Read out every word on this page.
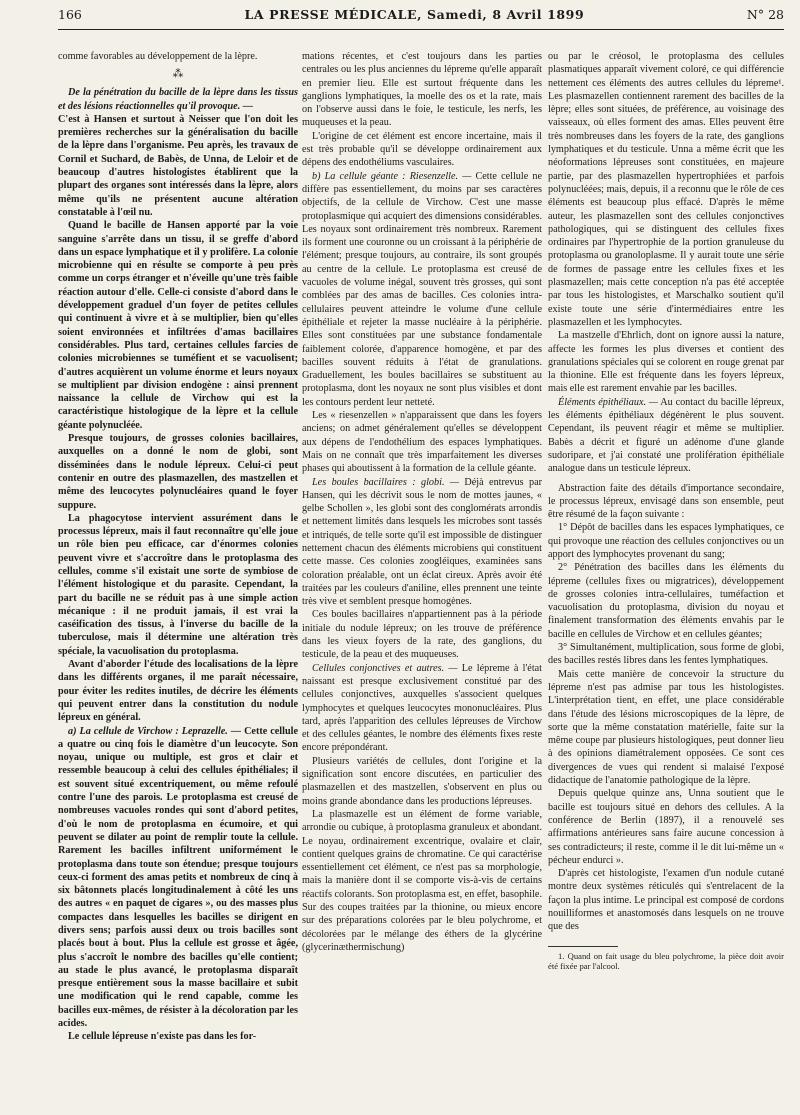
166	LA PRESSE MÉDICALE, Samedi, 8 Avril 1899	N° 28

comme favorables au développement de la lèpre.

⁂

De la pénétration du bacille de la lèpre dans les tissus et des lésions réactionnelles qu'il provoque. —

C'est à Hansen et surtout à Neisser que l'on doit les premières recherches sur la généralisation du bacille de la lèpre dans l'organisme. Peu après, les travaux de Cornil et Suchard, de Babès, de Unna, de Leloir et de beaucoup d'autres histologistes établirent que la plupart des organes sont intéressés dans la lèpre, alors même qu'ils ne présentent aucune altération constatable à l'œil nu.

Quand le bacille de Hansen apporté par la voie sanguine s'arrête dans un tissu, il se greffe d'abord dans un espace lymphatique et il y prolifère. La colonie microbienne qui en résulte se comporte à peu près comme un corps étranger et n'éveille qu'une très faible réaction autour d'elle. Celle-ci consiste d'abord dans le développement graduel d'un foyer de petites cellules qui continuent à vivre et à se multiplier, bien qu'elles soient environnées et infiltrées d'amas bacillaires considérables. Plus tard, certaines cellules farcies de colonies microbiennes se tuméfient et se vacuolisent; d'autres acquièrent un volume énorme et leurs noyaux se multiplient par division endogène : ainsi prennent naissance la cellule de Virchow qui est la caractéristique histologique de la lèpre et la cellule géante polynucléée.

Presque toujours, de grosses colonies bacillaires, auxquelles on a donné le nom de globi, sont disséminées dans le nodule lépreux. Celui-ci peut contenir en outre des plasmazellen, des mastzellen et même des leucocytes polynucléaires quand le foyer suppure.

La phagocytose intervient assurément dans le processus lépreux, mais il faut reconnaître qu'elle joue un rôle bien peu efficace, car d'énormes colonies peuvent vivre et s'accroître dans le protoplasma des cellules, comme s'il existait une sorte de symbiose de l'élément histologique et du parasite. Cependant, la part du bacille ne se réduit pas à une simple action mécanique : il ne produit jamais, il est vrai la caséification des tissus, à l'inverse du bacille de la tuberculose, mais il détermine une altération très spéciale, la vacuolisation du protoplasma.

Avant d'aborder l'étude des localisations de la lèpre dans les différents organes, il me paraît nécessaire, pour éviter les redites inutiles, de décrire les éléments qui peuvent entrer dans la constitution du nodule lépreux en général.

a) La cellule de Virchow : Leprazelle. — Cette cellule a quatre ou cinq fois le diamètre d'un leucocyte. Son noyau, unique ou multiple, est gros et clair et ressemble beaucoup à celui des cellules épithéliales; il est souvent situé excentriquement, ou même refoulé contre l'une des parois. Le protoplasma est creusé de nombreuses vacuoles rondes qui sont d'abord petites, d'où le nom de protoplasma en écumoire, et qui peuvent se dilater au point de remplir toute la cellule. Rarement les bacilles infiltrent uniformément le protoplasma dans toute son étendue; presque toujours ceux-ci forment des amas petits et nombreux de cinq à six bâtonnets placés longitudinalement à côté les uns des autres « en paquet de cigares », ou des masses plus compactes dans lesquelles les bacilles se dirigent en divers sens; parfois aussi deux ou trois bacilles sont placés bout à bout. Plus la cellule est grosse et âgée, plus s'accroît le nombre des bacilles qu'elle contient; au stade le plus avancé, le protoplasma disparaît presque entièrement sous la masse bacillaire et subit une modification qui le rend capable, comme les bacilles eux-mêmes, de résister à la décoloration par les acides.

Le cellule lépreuse n'existe pas dans les for-

mations récentes, et c'est toujours dans les parties centrales ou les plus anciennes du lépreme qu'elle apparaît en premier lieu. Elle est surtout fréquente dans les ganglions lymphatiques, la moelle des os et la rate, mais on l'observe aussi dans le foie, le testicule, les nerfs, les muqueuses et la peau.

L'origine de cet élément est encore incertaine, mais il est très probable qu'il se développe ordinairement aux dépens des endothéliums vasculaires.

b) La cellule géante : Riesenzelle. — Cette cellule ne diffère pas essentiellement, du moins par ses caractères objectifs, de la cellule de Virchow. C'est une masse protoplasmique qui acquiert des dimensions considérables. Les noyaux sont ordinairement très nombreux. Rarement ils forment une couronne ou un croissant à la périphérie de l'élément; presque toujours, au contraire, ils sont groupés au centre de la cellule. Le protoplasma est creusé de vacuoles de volume inégal, souvent très grosses, qui sont comblées par des amas de bacilles. Ces colonies intra-cellulaires peuvent atteindre le volume d'une cellule épithéliale et rejeter la masse nucléaire à la périphérie. Elles sont constituées par une substance fondamentale faiblement colorée, d'apparence homogène, et par des bacilles souvent réduits à l'état de granulations. Graduellement, les boules bacillaires se substituent au protoplasma, dont les noyaux ne sont plus visibles et dont les contours perdent leur netteté.

Les « riesenzellen » n'apparaissent que dans les foyers anciens; on admet généralement qu'elles se développent aux dépens de l'endothélium des espaces lymphatiques. Mais on ne connaît que très imparfaitement les diverses phases qui aboutissent à la formation de la cellule géante.

Les boules bacillaires : globi. — Déjà entrevus par Hansen, qui les décrivit sous le nom de mottes jaunes, « gelbe Schollen », les globi sont des conglomérats arrondis et nettement limités dans lesquels les microbes sont tassés et intriqués, de telle sorte qu'il est impossible de distinguer nettement chacun des éléments microbiens qui constituent cette masse. Ces colonies zoogléiques, examinées sans coloration préalable, ont un éclat cireux. Après avoir été traitées par les couleurs d'aniline, elles prennent une teinte très vive et semblent presque homogènes.

Ces boules bacillaires n'appartiennent pas à la période initiale du nodule lépreux; on les trouve de préférence dans les vieux foyers de la rate, des ganglions, du testicule, de la peau et des muqueuses.

Cellules conjonctives et autres. — Le lépreme à l'état naissant est presque exclusivement constitué par des cellules conjonctives, auxquelles s'associent quelques lymphocytes et quelques leucocytes mononucléaires. Plus tard, après l'apparition des cellules lépreuses de Virchow et des cellules géantes, le nombre des éléments fixes reste encore prépondérant.

Plusieurs variétés de cellules, dont l'origine et la signification sont encore discutées, en particulier des plasmazellen et des mastzellen, s'observent en plus ou moins grande abondance dans les productions lépreuses.

La plasmazelle est un élément de forme variable, arrondie ou cubique, à protoplasma granuleux et abondant. Le noyau, ordinairement excentrique, ovalaire et clair, contient quelques grains de chromatine. Ce qui caractérise essentiellement cet élément, ce n'est pas sa morphologie, mais la manière dont il se comporte vis-à-vis de certains réactifs colorants. Son protoplasma est, en effet, basophile. Sur des coupes traitées par la thionine, ou mieux encore sur des préparations colorées par le bleu polychrome, et décolorées par le mélange des éthers de la glycérine (glycerinæthermischung)

ou par le créosol, le protoplasma des cellules plasmatiques apparaît vivement coloré, ce qui différencie nettement ces éléments des autres cellules du lépreme¹. Les plasmazellen contiennent rarement des bacilles de la lèpre; elles sont situées, de préférence, au voisinage des vaisseaux, où elles forment des amas. Elles peuvent être très nombreuses dans les foyers de la rate, des ganglions lymphatiques et du testicule. Unna a même écrit que les néoformations lépreuses sont constituées, en majeure partie, par des plasmazellen hypertrophiées et parfois polynucléées; mais, depuis, il a reconnu que le rôle de ces éléments est beaucoup plus effacé. D'après le même auteur, les plasmazellen sont des cellules conjonctives pathologiques, qui se distinguent des cellules fixes ordinaires par l'hypertrophie de la portion granuleuse du protoplasma ou granoloplasme. Il y aurait toute une série de formes de passage entre les cellules fixes et les plasmazellen; mais cette conception n'a pas été acceptée par tous les histologistes, et Marschalko soutient qu'il existe toute une série d'intermédiaires entre les plasmazellen et les lymphocytes.

La mastzelle d'Ehrlich, dont on ignore aussi la nature, affecte les formes les plus diverses et contient des granulations spéciales qui se colorent en rouge grenat par la thionine. Elle est fréquente dans les foyers lépreux, mais elle est rarement envahie par les bacilles.

Éléments épithéliaux. — Au contact du bacille lépreux, les éléments épithéliaux dégénèrent le plus souvent. Cependant, ils peuvent réagir et même se multiplier. Babès a décrit et figuré un adénome d'une glande sudoripare, et j'ai constaté une prolifération épithéliale analogue dans un testicule lépreux.

Abstraction faite des détails d'importance secondaire, le processus lépreux, envisagé dans son ensemble, peut être résumé de la façon suivante :

1° Dépôt de bacilles dans les espaces lymphatiques, ce qui provoque une réaction des cellules conjonctives ou un apport des lymphocytes provenant du sang;
2° Pénétration des bacilles dans les éléments du lépreme (cellules fixes ou migratrices), développement de grosses colonies intra-cellulaires, tuméfaction et vacuolisation du protoplasma, division du noyau et finalement transformation des éléments envahis par le bacille en cellules de Virchow et en cellules géantes;
3° Simultanément, multiplication, sous forme de globi, des bacilles restés libres dans les fentes lymphatiques.

Mais cette manière de concevoir la structure du lépreme n'est pas admise par tous les histologistes. L'interprétation tient, en effet, une place considérable dans l'étude des lésions microscopiques de la lèpre, de sorte que la même constatation matérielle, faite sur la même coupe par plusieurs histologiques, peut donner lieu à des opinions diamétralement opposées. Ce sont ces divergences de vues qui rendent si malaisé l'exposé didactique de l'anatomie pathologique de la lèpre.

Depuis quelque quinze ans, Unna soutient que le bacille est toujours situé en dehors des cellules. A la conférence de Berlin (1897), il a renouvelé ses affirmations antérieures sans faire aucune concession à ses contradicteurs; il reste, comme il le dit lui-même un « pécheur endurci ».

D'après cet histologiste, l'examen d'un nodule cutané montre deux systèmes réticulés qui s'entrelacent de la façon la plus intime. Le principal est composé de cordons nouilliformes et anastomosés dans lesquels on ne trouve que des

1. Quand on fait usage du bleu polychrome, la pièce doit avoir été fixée par l'alcool.
